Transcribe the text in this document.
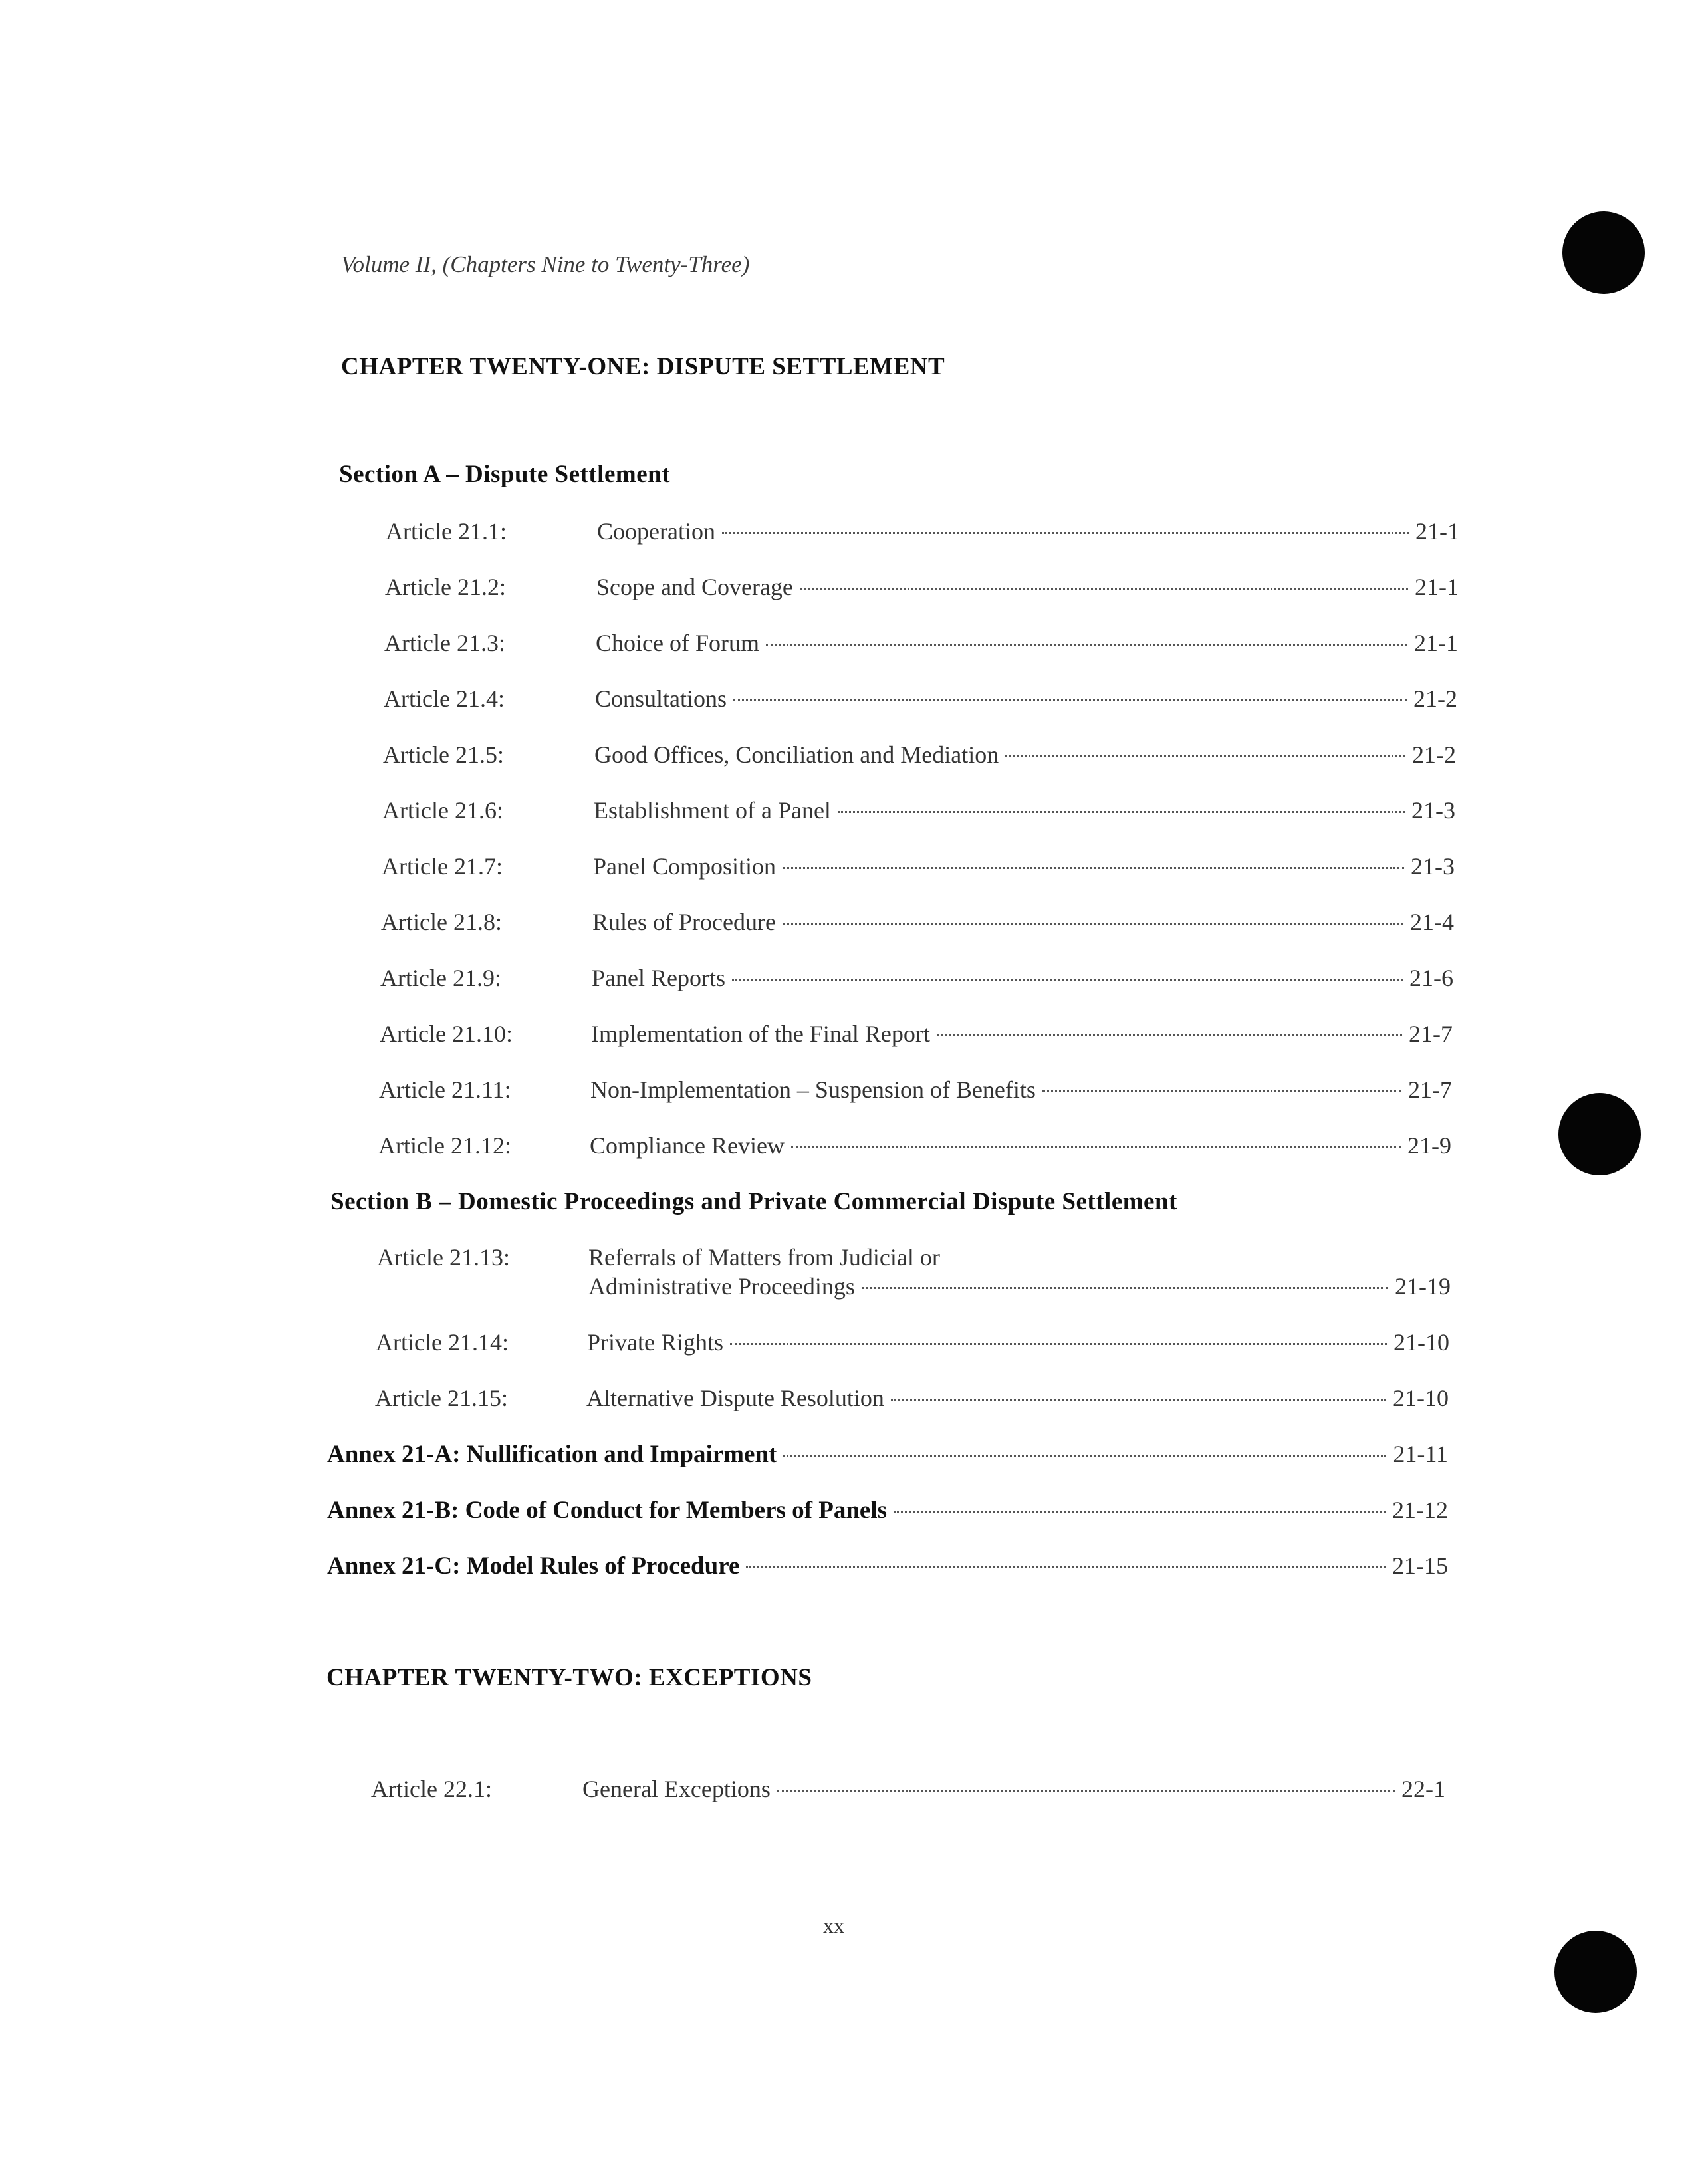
Volume II, (Chapters Nine to Twenty-Three)
CHAPTER TWENTY-ONE: DISPUTE SETTLEMENT
Section A – Dispute Settlement
Article 21.1:	Cooperation	21-1
Article 21.2:	Scope and Coverage	21-1
Article 21.3:	Choice of Forum	21-1
Article 21.4:	Consultations	21-2
Article 21.5:	Good Offices, Conciliation and Mediation	21-2
Article 21.6:	Establishment of a Panel	21-3
Article 21.7:	Panel Composition	21-3
Article 21.8:	Rules of Procedure	21-4
Article 21.9:	Panel Reports	21-6
Article 21.10:	Implementation of the Final Report	21-7
Article 21.11:	Non-Implementation – Suspension of Benefits	21-7
Article 21.12:	Compliance Review	21-9
Section B – Domestic Proceedings and Private Commercial Dispute Settlement
Article 21.13:	Referrals of Matters from Judicial or
Administrative Proceedings	21-19
Article 21.14:	Private Rights	21-10
Article 21.15:	Alternative Dispute Resolution	21-10
Annex 21-A: Nullification and Impairment	21-11
Annex 21-B: Code of Conduct for Members of Panels	21-12
Annex 21-C: Model Rules of Procedure	21-15
CHAPTER TWENTY-TWO: EXCEPTIONS
Article 22.1:	General Exceptions	22-1
xx
